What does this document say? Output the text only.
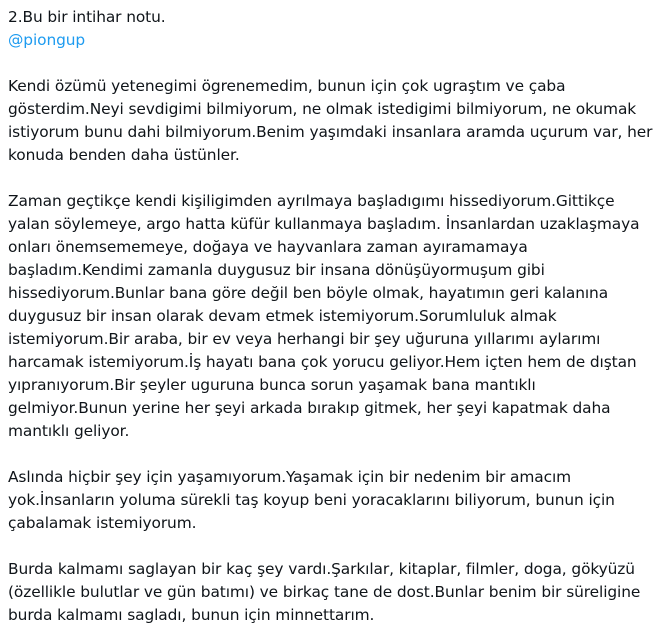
2.Bu bir intihar notu.
@piongup
Kendi özümü yetenegimi ögrenemedim, bunun için çok ugraştım ve çaba
gösterdim.Neyi sevdigimi bilmiyorum, ne olmak istedigimi bilmiyorum, ne okumak
istiyorum bunu dahi bilmiyorum.Benim yaşımdaki insanlara aramda uçurum var, her
konuda benden daha üstünler.
Zaman geçtikçe kendi kişiligimden ayrılmaya başladıgımı hissediyorum.Gittikçe
yalan söylemeye, argo hatta küfür kullanmaya başladım. İnsanlardan uzaklaşmaya
onları önemsememeye, doğaya ve hayvanlara zaman ayıramamaya
başladım.Kendimi zamanla duygusuz bir insana dönüşüyormuşum gibi
hissediyorum.Bunlar bana göre değil ben böyle olmak, hayatımın geri kalanına
duygusuz bir insan olarak devam etmek istemiyorum.Sorumluluk almak
istemiyorum.Bir araba, bir ev veya herhangi bir şey uğuruna yıllarımı aylarımı
harcamak istemiyorum.İş hayatı bana çok yorucu geliyor.Hem içten hem de dıştan
yıpranıyorum.Bir şeyler uguruna bunca sorun yaşamak bana mantıklı
gelmiyor.Bunun yerine her şeyi arkada bırakıp gitmek, her şeyi kapatmak daha
mantıklı geliyor.
Aslında hiçbir şey için yaşamıyorum.Yaşamak için bir nedenim bir amacım
yok.İnsanların yoluma sürekli taş koyup beni yoracaklarını biliyorum, bunun için
çabalamak istemiyorum.
Burda kalmamı saglayan bir kaç şey vardı.Şarkılar, kitaplar, filmler, doga, gökyüzü
(özellikle bulutlar ve gün batımı) ve birkaç tane de dost.Bunlar benim bir süreligine
burda kalmamı sagladı, bunun için minnettarım.
